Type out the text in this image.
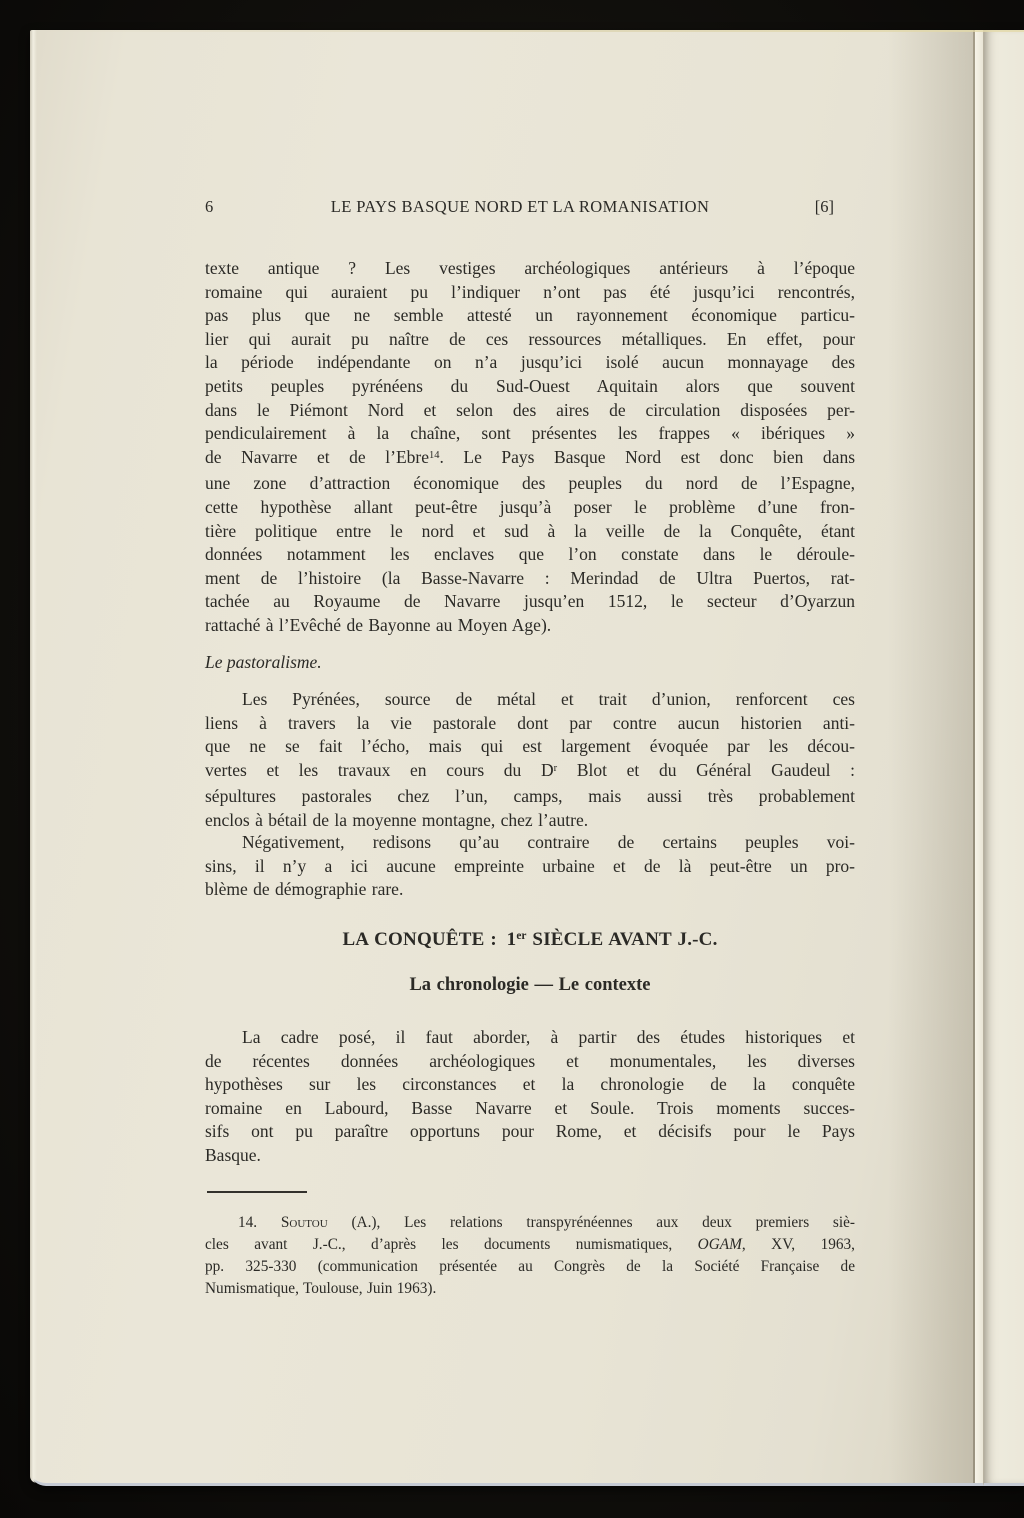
6	LE PAYS BASQUE NORD ET LA ROMANISATION	[6]
texte antique ? Les vestiges archéologiques antérieurs à l’époque
romaine qui auraient pu l’indiquer n’ont pas été jusqu’ici rencontrés,
pas plus que ne semble attesté un rayonnement économique particu-
lier qui aurait pu naître de ces ressources métalliques. En effet, pour
la période indépendante on n’a jusqu’ici isolé aucun monnayage des
petits peuples pyrénéens du Sud-Ouest Aquitain alors que souvent
dans le Piémont Nord et selon des aires de circulation disposées per-
pendiculairement à la chaîne, sont présentes les frappes « ibériques »
de Navarre et de l’Ebre$^{14}$. Le Pays Basque Nord est donc bien dans
une zone d’attraction économique des peuples du nord de l’Espagne,
cette hypothèse allant peut-être jusqu’à poser le problème d’une fron-
tière politique entre le nord et sud à la veille de la Conquête, étant
données notamment les enclaves que l’on constate dans le déroule-
ment de l’histoire (la Basse-Navarre : Merindad de Ultra Puertos, rat-
tachée au Royaume de Navarre jusqu’en 1512, le secteur d’Oyarzun
rattaché à l’Evêché de Bayonne au Moyen Age).
Le pastoralisme.
Les Pyrénées, source de métal et trait d’union, renforcent ces
liens à travers la vie pastorale dont par contre aucun historien anti-
que ne se fait l’écho, mais qui est largement évoquée par les décou-
vertes et les travaux en cours du $D^r$ Blot et du Général Gaudeul :
sépultures pastorales chez l’un, camps, mais aussi très probablement
enclos à bétail de la moyenne montagne, chez l’autre.
Négativement, redisons qu’au contraire de certains peuples voi-
sins, il n’y a ici aucune empreinte urbaine et de là peut-être un pro-
blème de démographie rare.
LA CONQUÊTE : 1er SIÈCLE AVANT J.-C.
La chronologie — Le contexte
La cadre posé, il faut aborder, à partir des études historiques et
de récentes données archéologiques et monumentales, les diverses
hypothèses sur les circonstances et la chronologie de la conquête
romaine en Labourd, Basse Navarre et Soule. Trois moments succes-
sifs ont pu paraître opportuns pour Rome, et décisifs pour le Pays
Basque.
14. Soutou (A.), Les relations transpyrénéennes aux deux premiers siè-
cles avant J.-C., d’après les documents numismatiques, OGAM, XV, 1963,
pp. 325-330 (communication présentée au Congrès de la Société Française de
Numismatique, Toulouse, Juin 1963).
